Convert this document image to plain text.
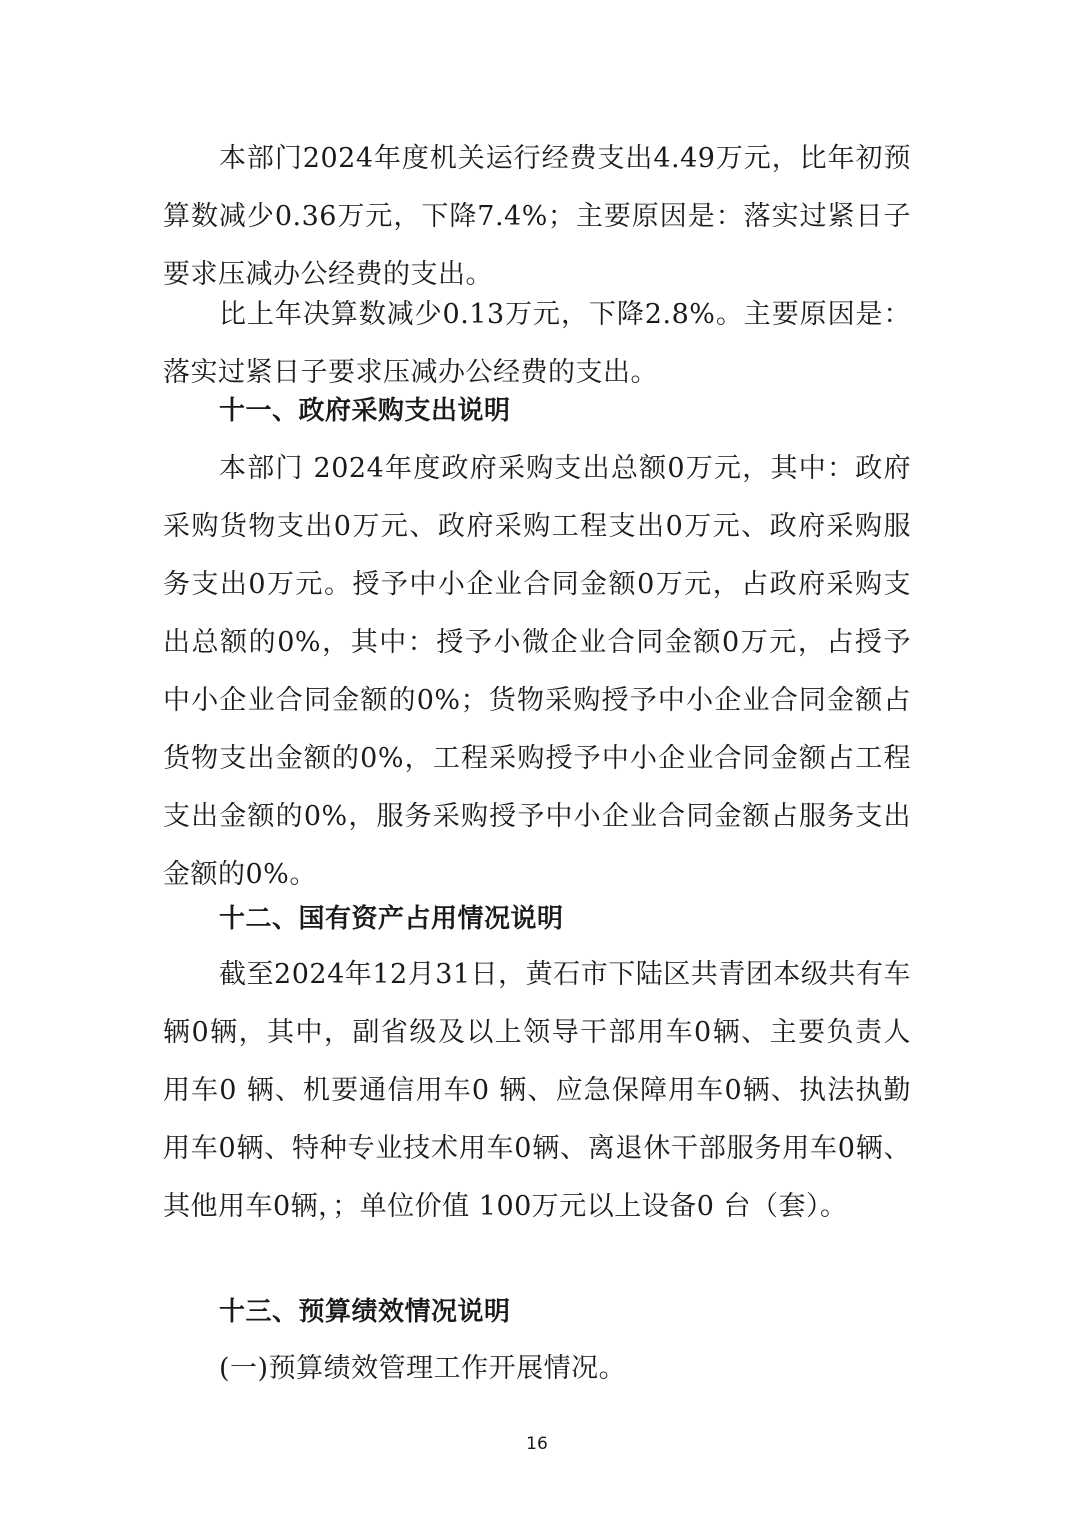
本部门2024年度机关运行经费支出4.49万元，比年初预算数减少0.36万元，下降7.4%；主要原因是：落实过紧日子要求压减办公经费的支出。

比上年决算数减少0.13万元，下降2.8%。主要原因是：落实过紧日子要求压减办公经费的支出。

十一、政府采购支出说明

本部门 2024年度政府采购支出总额0万元，其中：政府采购货物支出0万元、政府采购工程支出0万元、政府采购服务支出0万元。授予中小企业合同金额0万元，占政府采购支出总额的0%，其中：授予小微企业合同金额0万元，占授予中小企业合同金额的0%；货物采购授予中小企业合同金额占货物支出金额的0%，工程采购授予中小企业合同金额占工程支出金额的0%，服务采购授予中小企业合同金额占服务支出金额的0%。

十二、国有资产占用情况说明

截至2024年12月31日，黄石市下陆区共青团本级共有车辆0辆，其中，副省级及以上领导干部用车0辆、主要负责人用车0 辆、机要通信用车0 辆、应急保障用车0辆、执法执勤用车0辆、特种专业技术用车0辆、离退休干部服务用车0辆、其他用车0辆，；单位价值 100万元以上设备0 台（套）。

十三、预算绩效情况说明

(一)预算绩效管理工作开展情况。

16
